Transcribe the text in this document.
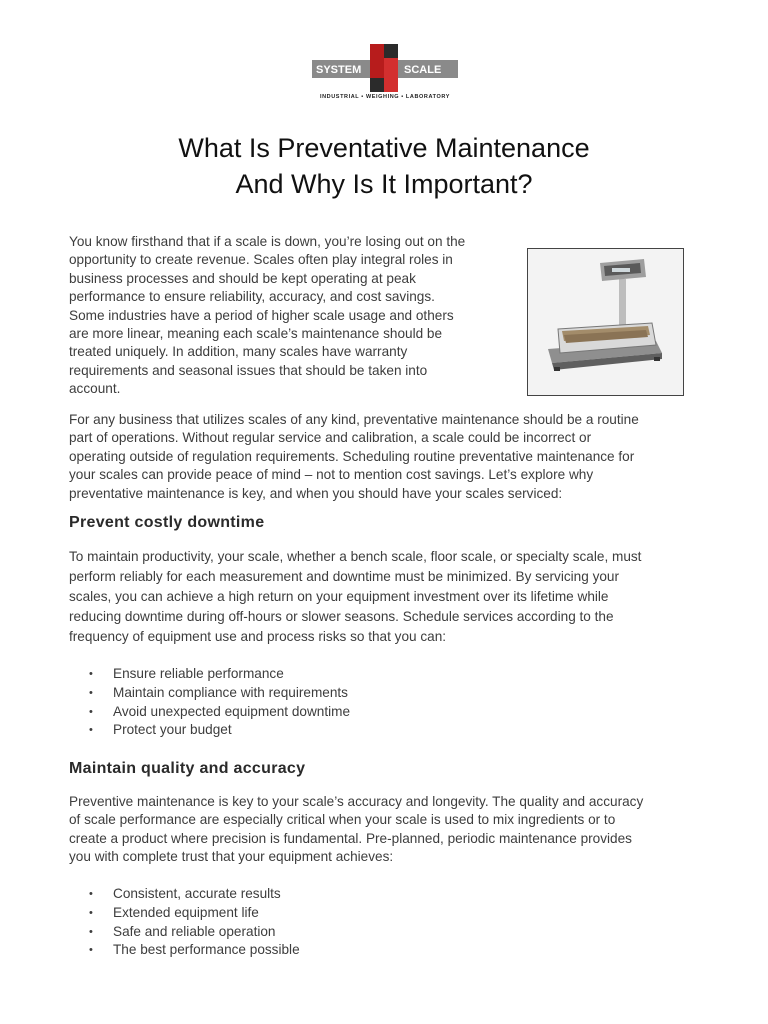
SYSTEM	SCALE
INDUSTRIAL • WEIGHING • LABORATORY
What Is Preventative Maintenance
And Why Is It Important?

You know firsthand that if a scale is down, you’re losing out on the
opportunity to create revenue. Scales often play integral roles in
business processes and should be kept operating at peak
performance to ensure reliability, accuracy, and cost savings.
Some industries have a period of higher scale usage and others
are more linear, meaning each scale’s maintenance should be
treated uniquely. In addition, many scales have warranty
requirements and seasonal issues that should be taken into
account.

For any business that utilizes scales of any kind, preventative maintenance should be a routine
part of operations. Without regular service and calibration, a scale could be incorrect or
operating outside of regulation requirements. Scheduling routine preventative maintenance for
your scales can provide peace of mind – not to mention cost savings. Let’s explore why
preventative maintenance is key, and when you should have your scales serviced:

Prevent costly downtime

To maintain productivity, your scale, whether a bench scale, floor scale, or specialty scale, must
perform reliably for each measurement and downtime must be minimized. By servicing your
scales, you can achieve a high return on your equipment investment over its lifetime while
reducing downtime during off-hours or slower seasons. Schedule services according to the
frequency of equipment use and process risks so that you can:

• Ensure reliable performance
• Maintain compliance with requirements
• Avoid unexpected equipment downtime
• Protect your budget
Maintain quality and accuracy

Preventive maintenance is key to your scale’s accuracy and longevity. The quality and accuracy
of scale performance are especially critical when your scale is used to mix ingredients or to
create a product where precision is fundamental. Pre-planned, periodic maintenance provides
you with complete trust that your equipment achieves:

• Consistent, accurate results
• Extended equipment life
• Safe and reliable operation
• The best performance possible
